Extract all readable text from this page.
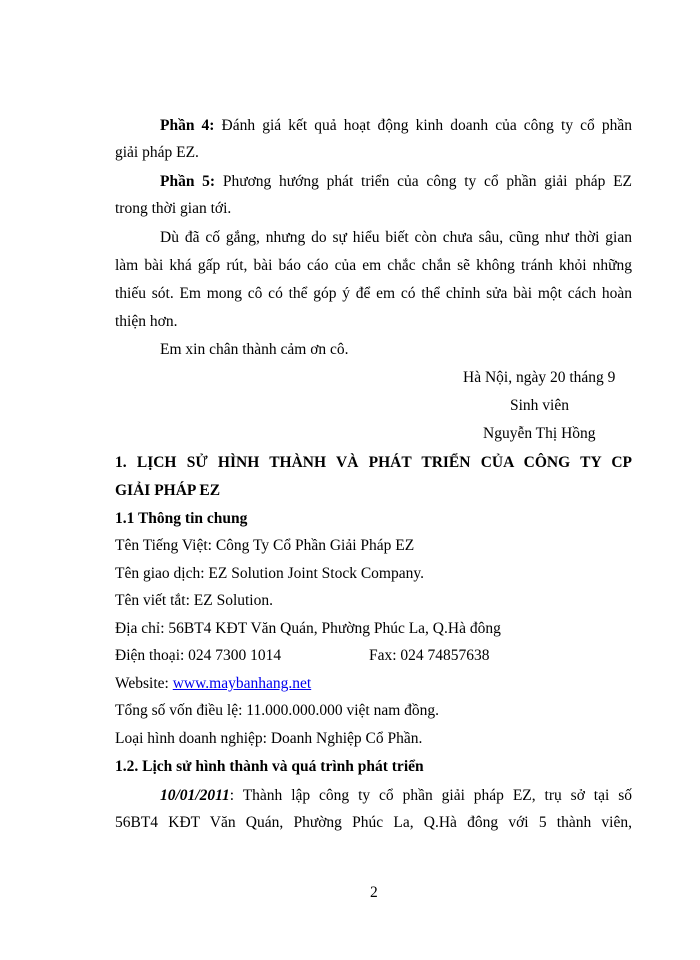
Phần 4: Đánh giá kết quả hoạt động kinh doanh của công ty cổ phần
giải pháp EZ.
Phần 5: Phương hướng phát triển của công ty cổ phần giải pháp EZ
trong thời gian tới.
Dù đã cố gắng, nhưng do sự hiểu biết còn chưa sâu, cũng như thời gian
làm bài khá gấp rút, bài báo cáo của em chắc chắn sẽ không tránh khỏi những
thiếu sót. Em mong cô có thể góp ý để em có thể chỉnh sửa bài một cách hoàn
thiện hơn.
Em xin chân thành cảm ơn cô.
Hà Nội, ngày 20 tháng 9
Sinh viên
Nguyễn Thị Hồng
1. LỊCH SỬ HÌNH THÀNH VÀ PHÁT TRIỂN CỦA CÔNG TY CP
GIẢI PHÁP EZ
1.1 Thông tin chung
Tên Tiếng Việt: Công Ty Cổ Phần Giải Pháp EZ
Tên giao dịch: EZ Solution Joint Stock Company.
Tên viết tắt: EZ Solution.
Địa chỉ: 56BT4 KĐT Văn Quán, Phường Phúc La, Q.Hà đông
Điện thoại: 024 7300 1014	Fax: 024 74857638
Website: www.maybanhang.net
Tổng số vốn điều lệ: 11.000.000.000 việt nam đồng.
Loại hình doanh nghiệp: Doanh Nghiệp Cổ Phần.
1.2. Lịch sử hình thành và quá trình phát triển
10/01/2011: Thành lập công ty cổ phần giải pháp EZ, trụ sở tại số
56BT4 KĐT Văn Quán, Phường Phúc La, Q.Hà đông với 5 thành viên,
2
